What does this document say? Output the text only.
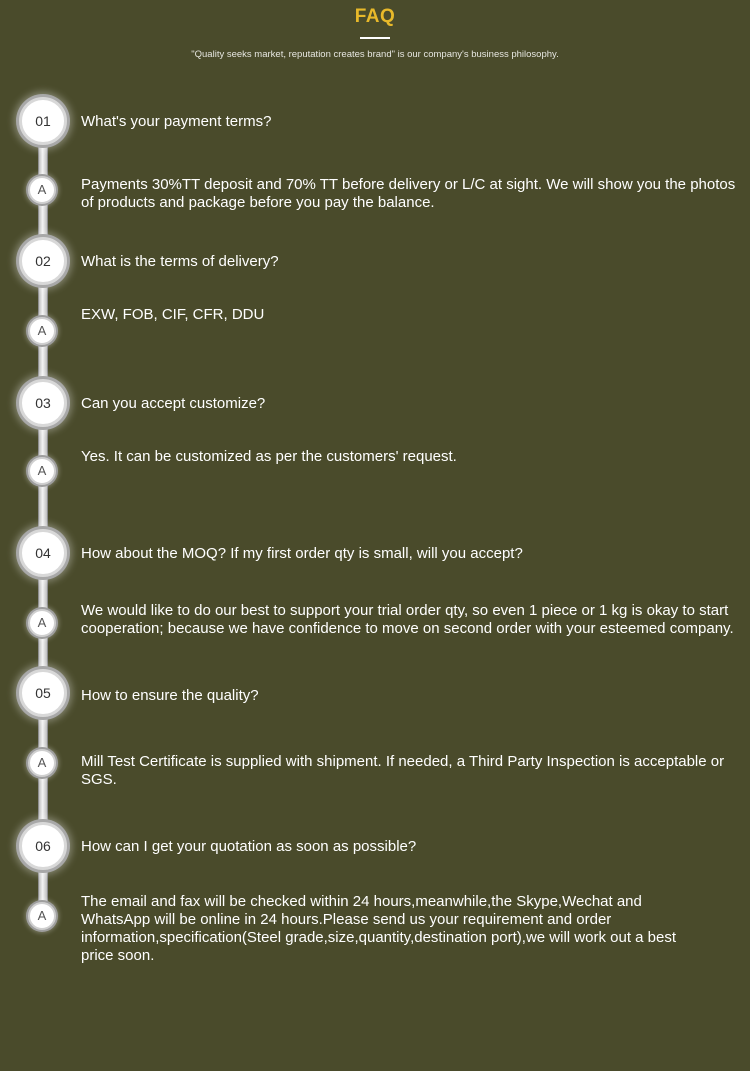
FAQ
"Quality seeks market, reputation creates brand" is our company's business philosophy.
01	What's your payment terms?
A	Payments 30%TT deposit and 70% TT before delivery or L/C at sight. We will show you the photos of products and package before you pay the balance.
02	What is the terms of delivery?
A
EXW, FOB, CIF, CFR, DDU
03	Can you accept customize?
A
Yes. It can be customized as per the customers' request.
04	How about the MOQ? If my first order qty is small, will you accept?
A
We would like to do our best to support your trial order qty, so even 1 piece or 1 kg is okay to start cooperation; because we have confidence to move on second order with your esteemed company.
05	How to ensure the quality?
A	Mill Test Certificate is supplied with shipment. If needed, a Third Party Inspection is acceptable or SGS.
06	How can I get your quotation as soon as possible?
A
The email and fax will be checked within 24 hours,meanwhile,the Skype,Wechat and WhatsApp will be online in 24 hours.Please send us your requirement and order information,specification(Steel grade,size,quantity,destination port),we will work out a best price soon.
